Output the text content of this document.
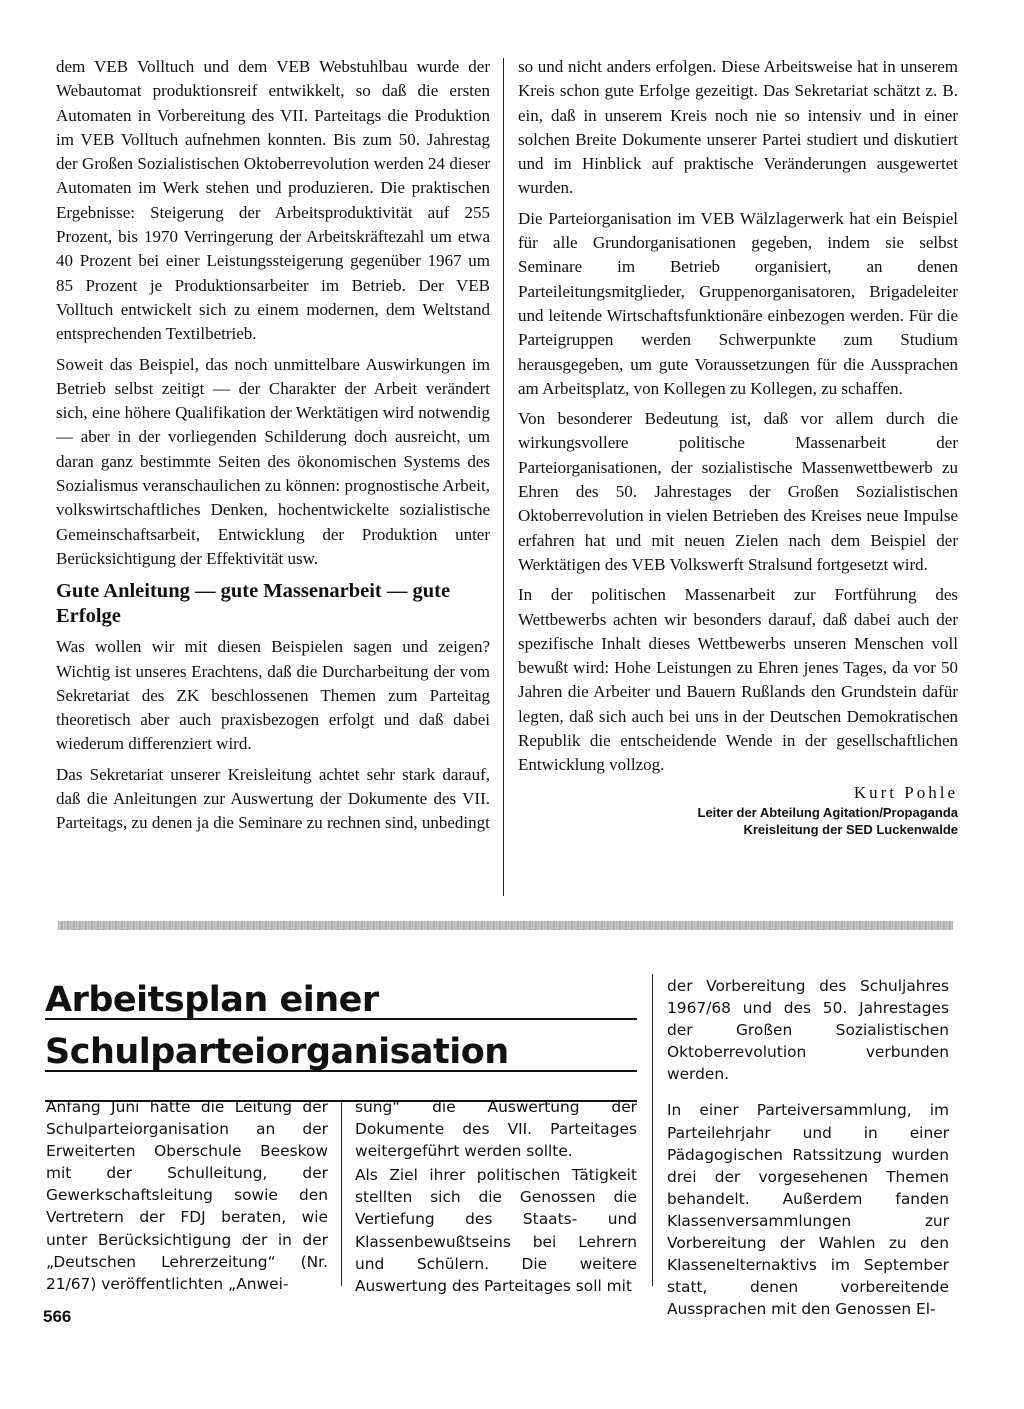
dem VEB Volltuch und dem VEB Webstuhlbau wurde der Webautomat produktionsreif entwikkelt, so daß die ersten Automaten in Vorbereitung des VII. Parteitags die Produktion im VEB Volltuch aufnehmen konnten. Bis zum 50. Jahrestag der Großen Sozialistischen Oktoberrevolution werden 24 dieser Automaten im Werk stehen und produzieren. Die praktischen Ergebnisse: Steigerung der Arbeitsproduktivität auf 255 Prozent, bis 1970 Verringerung der Arbeitskräftezahl um etwa 40 Prozent bei einer Leistungssteigerung gegenüber 1967 um 85 Prozent je Produktionsarbeiter im Betrieb. Der VEB Volltuch entwickelt sich zu einem modernen, dem Weltstand entsprechenden Textilbetrieb.

Soweit das Beispiel, das noch unmittelbare Auswirkungen im Betrieb selbst zeitigt — der Charakter der Arbeit verändert sich, eine höhere Qualifikation der Werktätigen wird notwendig — aber in der vorliegenden Schilderung doch ausreicht, um daran ganz bestimmte Seiten des ökonomischen Systems des Sozialismus veranschaulichen zu können: prognostische Arbeit, volkswirtschaftliches Denken, hochentwickelte sozialistische Gemeinschaftsarbeit, Entwicklung der Produktion unter Berücksichtigung der Effektivität usw.

Gute Anleitung — gute Massenarbeit — gute Erfolge

Was wollen wir mit diesen Beispielen sagen und zeigen? Wichtig ist unseres Erachtens, daß die Durcharbeitung der vom Sekretariat des ZK beschlossenen Themen zum Parteitag theoretisch aber auch praxisbezogen erfolgt und daß dabei wiederum differenziert wird.

Das Sekretariat unserer Kreisleitung achtet sehr stark darauf, daß die Anleitungen zur Auswertung der Dokumente des VII. Parteitags, zu denen ja die Seminare zu rechnen sind, unbedingt

so und nicht anders erfolgen. Diese Arbeitsweise hat in unserem Kreis schon gute Erfolge gezeitigt. Das Sekretariat schätzt z. B. ein, daß in unserem Kreis noch nie so intensiv und in einer solchen Breite Dokumente unserer Partei studiert und diskutiert und im Hinblick auf praktische Veränderungen ausgewertet wurden.

Die Parteiorganisation im VEB Wälzlagerwerk hat ein Beispiel für alle Grundorganisationen gegeben, indem sie selbst Seminare im Betrieb organisiert, an denen Parteileitungsmitglieder, Gruppenorganisatoren, Brigadeleiter und leitende Wirtschaftsfunktionäre einbezogen werden. Für die Parteigruppen werden Schwerpunkte zum Studium herausgegeben, um gute Voraussetzungen für die Aussprachen am Arbeitsplatz, von Kollegen zu Kollegen, zu schaffen.

Von besonderer Bedeutung ist, daß vor allem durch die wirkungsvollere politische Massenarbeit der Parteiorganisationen, der sozialistische Massenwettbewerb zu Ehren des 50. Jahrestages der Großen Sozialistischen Oktoberrevolution in vielen Betrieben des Kreises neue Impulse erfahren hat und mit neuen Zielen nach dem Beispiel der Werktätigen des VEB Volkswerft Stralsund fortgesetzt wird.

In der politischen Massenarbeit zur Fortführung des Wettbewerbs achten wir besonders darauf, daß dabei auch der spezifische Inhalt dieses Wettbewerbs unseren Menschen voll bewußt wird: Hohe Leistungen zu Ehren jenes Tages, da vor 50 Jahren die Arbeiter und Bauern Rußlands den Grundstein dafür legten, daß sich auch bei uns in der Deutschen Demokratischen Republik die entscheidende Wende in der gesellschaftlichen Entwicklung vollzog.

Kurt Pohle
Leiter der Abteilung Agitation/Propaganda
Kreisleitung der SED Luckenwalde
Arbeitsplan einer
Schulparteiorganisation

Anfang Juni hatte die Leitung der Schulparteiorganisation an der Erweiterten Oberschule Beeskow mit der Schulleitung, der Gewerkschaftsleitung sowie den Vertretern der FDJ beraten, wie unter Berücksichtigung der in der „Deutschen Lehrerzeitung“ (Nr. 21/67) veröffentlichten „Anwei-

sung“ die Auswertung der Dokumente des VII. Parteitages weitergeführt werden sollte.

Als Ziel ihrer politischen Tätigkeit stellten sich die Genossen die Vertiefung des Staats- und Klassenbewußtseins bei Lehrern und Schülern. Die weitere Auswertung des Parteitages soll mit

der Vorbereitung des Schuljahres 1967/68 und des 50. Jahrestages der Großen Sozialistischen Oktoberrevolution verbunden werden.

In einer Parteiversammlung, im Parteilehrjahr und in einer Pädagogischen Ratssitzung wurden drei der vorgesehenen Themen behandelt. Außerdem fanden Klassenversammlungen zur Vorbereitung der Wahlen zu den Klassenelternaktivs im September statt, denen vorbereitende Aussprachen mit den Genossen El-

566
